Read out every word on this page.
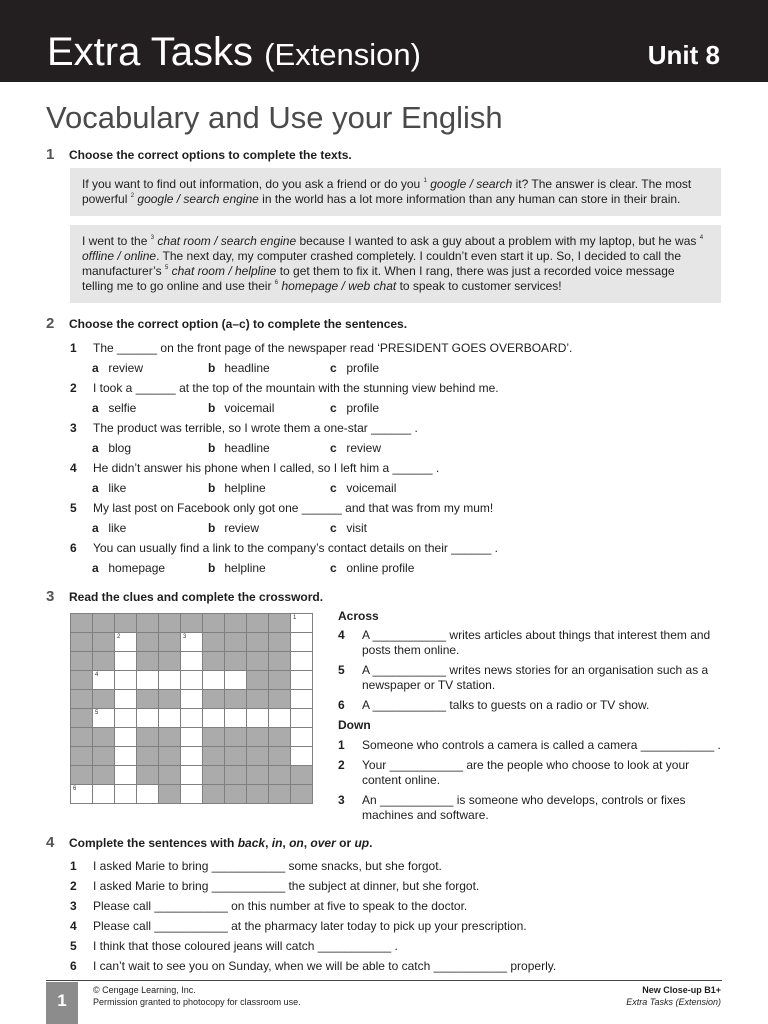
Extra Tasks (Extension)	Unit 8
Vocabulary and Use your English
1 Choose the correct options to complete the texts.
If you want to find out information, do you ask a friend or do you $^1$ google / search it? The answer is clear. The most powerful $^2$ google / search engine in the world has a lot more information than any human can store in their brain.
I went to the $^3$ chat room / search engine because I wanted to ask a guy about a problem with my laptop, but he was $^4$ offline / online. The next day, my computer crashed completely. I couldn’t even start it up. So, I decided to call the manufacturer’s $^5$ chat room / helpline to get them to fix it. When I rang, there was just a recorded voice message telling me to go online and use their $^6$ homepage / web chat to speak to customer services!
2 Choose the correct option (a–c) to complete the sentences.
1 The ______ on the front page of the newspaper read ‘PRESIDENT GOES OVERBOARD’.
a review	b headline	c profile
2 I took a ______ at the top of the mountain with the stunning view behind me.
a selfie	b voicemail	c profile
3 The product was terrible, so I wrote them a one-star ______ .
a blog	b headline	c review
4 He didn’t answer his phone when I called, so I left him a ______ .
a like	b helpline	c voicemail
5 My last post on Facebook only got one ______ and that was from my mum!
a like	b review	c visit
6 You can usually find a link to the company’s contact details on their ______ .
a homepage	b helpline	c online profile
3 Read the clues and complete the crossword.

										1

		2			3					

	4									

	5									

6										

Across
4 A ___________ writes articles about things that interest them and posts them online.
5 A ___________ writes news stories for an organisation such as a newspaper or TV station.
6 A ___________ talks to guests on a radio or TV show.
Down
1 Someone who controls a camera is called a camera ___________ .
2 Your ___________ are the people who choose to look at your content online.
3 An ___________ is someone who develops, controls or fixes machines and software.
4 Complete the sentences with back, in, on, over or up.
1 I asked Marie to bring ___________ some snacks, but she forgot.
2 I asked Marie to bring ___________ the subject at dinner, but she forgot.
3 Please call ___________ on this number at five to speak to the doctor.
4 Please call ___________ at the pharmacy later today to pick up your prescription.
5 I think that those coloured jeans will catch ___________ .
6 I can’t wait to see you on Sunday, when we will be able to catch ___________ properly.
1
© Cengage Learning, Inc.
Permission granted to photocopy for classroom use.
New Close-up B1+
Extra Tasks (Extension)
